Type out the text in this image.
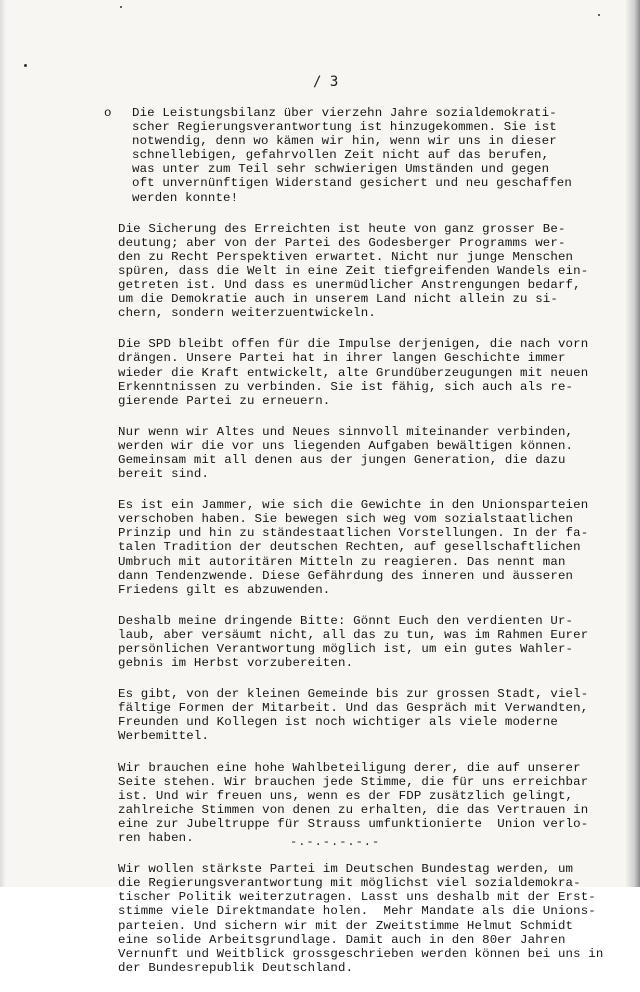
/ 3
o Die Leistungsbilanz über vierzehn Jahre sozialdemokrati-
scher Regierungsverantwortung ist hinzugekommen. Sie ist
notwendig, denn wo kämen wir hin, wenn wir uns in dieser
schnellebigen, gefahrvollen Zeit nicht auf das berufen,
was unter zum Teil sehr schwierigen Umständen und gegen
oft unvernünftigen Widerstand gesichert und neu geschaffen
werden konnte!
Die Sicherung des Erreichten ist heute von ganz grosser Be-
deutung; aber von der Partei des Godesberger Programms wer-
den zu Recht Perspektiven erwartet. Nicht nur junge Menschen
spüren, dass die Welt in eine Zeit tiefgreifenden Wandels ein-
getreten ist. Und dass es unermüdlicher Anstrengungen bedarf,
um die Demokratie auch in unserem Land nicht allein zu si-
chern, sondern weiterzuentwickeln.
Die SPD bleibt offen für die Impulse derjenigen, die nach vorn
drängen. Unsere Partei hat in ihrer langen Geschichte immer
wieder die Kraft entwickelt, alte Grundüberzeugungen mit neuen
Erkenntnissen zu verbinden. Sie ist fähig, sich auch als re-
gierende Partei zu erneuern.
Nur wenn wir Altes und Neues sinnvoll miteinander verbinden,
werden wir die vor uns liegenden Aufgaben bewältigen können.
Gemeinsam mit all denen aus der jungen Generation, die dazu
bereit sind.
Es ist ein Jammer, wie sich die Gewichte in den Unionsparteien
verschoben haben. Sie bewegen sich weg vom sozialstaatlichen
Prinzip und hin zu ständestaatlichen Vorstellungen. In der fa-
talen Tradition der deutschen Rechten, auf gesellschaftlichen
Umbruch mit autoritären Mitteln zu reagieren. Das nennt man
dann Tendenzwende. Diese Gefährdung des inneren und äusseren
Friedens gilt es abzuwenden.
Deshalb meine dringende Bitte: Gönnt Euch den verdienten Ur-
laub, aber versäumt nicht, all das zu tun, was im Rahmen Eurer
persönlichen Verantwortung möglich ist, um ein gutes Wahler-
gebnis im Herbst vorzubereiten.
Es gibt, von der kleinen Gemeinde bis zur grossen Stadt, viel-
fältige Formen der Mitarbeit. Und das Gespräch mit Verwandten,
Freunden und Kollegen ist noch wichtiger als viele moderne
Werbemittel.
Wir brauchen eine hohe Wahlbeteiligung derer, die auf unserer
Seite stehen. Wir brauchen jede Stimme, die für uns erreichbar
ist. Und wir freuen uns, wenn es der FDP zusätzlich gelingt,
zahlreiche Stimmen von denen zu erhalten, die das Vertrauen in
eine zur Jubeltruppe für Strauss umfunktionierte  Union verlo-
ren haben.
Wir wollen stärkste Partei im Deutschen Bundestag werden, um
die Regierungsverantwortung mit möglichst viel sozialdemokra-
tischer Politik weiterzutragen. Lasst uns deshalb mit der Erst-
stimme viele Direktmandate holen.  Mehr Mandate als die Unions-
parteien. Und sichern wir mit der Zweitstimme Helmut Schmidt
eine solide Arbeitsgrundlage. Damit auch in den 80er Jahren
Vernunft und Weitblick grossgeschrieben werden können bei uns in
der Bundesrepublik Deutschland.
-.-.-.-.-.-
